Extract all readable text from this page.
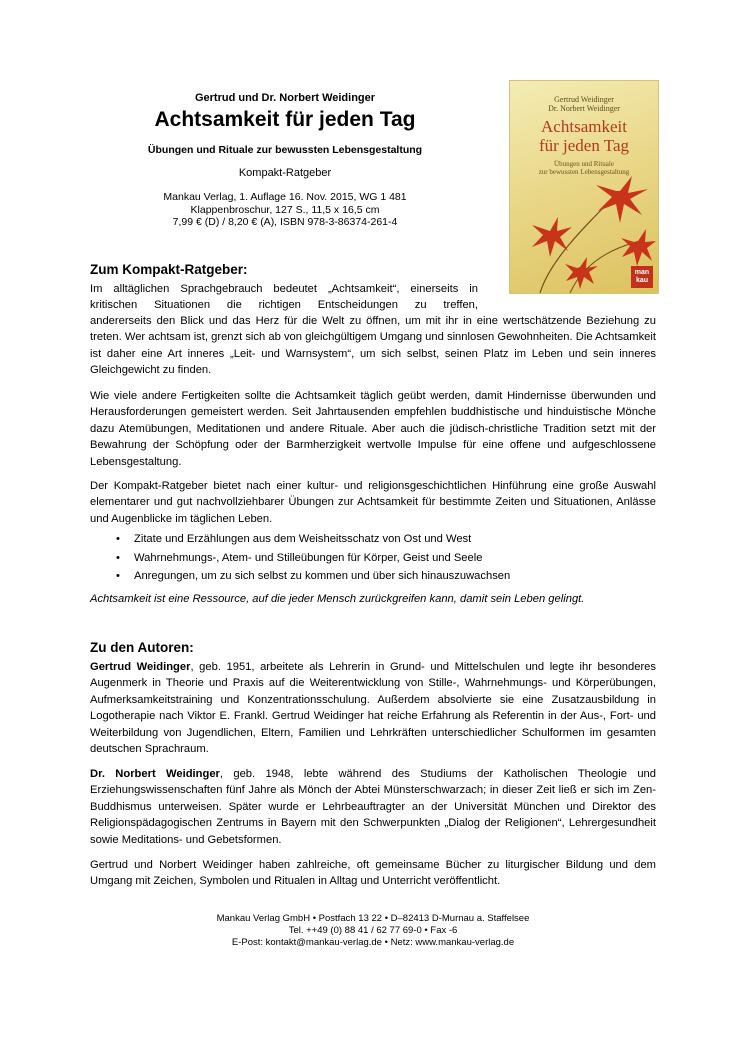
Gertrud und Dr. Norbert Weidinger
Achtsamkeit für jeden Tag
Übungen und Rituale zur bewussten Lebensgestaltung
Kompakt-Ratgeber
Mankau Verlag, 1. Auflage 16. Nov. 2015, WG 1 481
Klappenbroschur, 127 S., 11,5 x 16,5 cm
7,99 € (D) / 8,20 € (A), ISBN 978-3-86374-261-4
Gertrud Weidinger
Dr. Norbert Weidinger
Achtsamkeit
für jeden Tag
Übungen und Rituale
zur bewussten Lebensgestaltung
man
kau
Zum Kompakt-Ratgeber:
Im alltäglichen Sprachgebrauch bedeutet „Achtsamkeit“, einerseits in
kritischen Situationen die richtigen Entscheidungen zu treffen,
andererseits den Blick und das Herz für die Welt zu öffnen, um mit ihr in eine wertschätzende Beziehung zu treten. Wer achtsam ist, grenzt sich ab von gleichgültigem Umgang und sinnlosen Gewohnheiten. Die Achtsamkeit ist daher eine Art inneres „Leit- und Warnsystem“, um sich selbst, seinen Platz im Leben und sein inneres Gleichgewicht zu finden.
Wie viele andere Fertigkeiten sollte die Achtsamkeit täglich geübt werden, damit Hindernisse überwunden und Herausforderungen gemeistert werden. Seit Jahrtausenden empfehlen buddhistische und hinduistische Mönche dazu Atemübungen, Meditationen und andere Rituale. Aber auch die jüdisch-christliche Tradition setzt mit der Bewahrung der Schöpfung oder der Barmherzigkeit wertvolle Impulse für eine offene und aufgeschlossene Lebensgestaltung.
Der Kompakt-Ratgeber bietet nach einer kultur- und religionsgeschichtlichen Hinführung eine große Auswahl elementarer und gut nachvollziehbarer Übungen zur Achtsamkeit für bestimmte Zeiten und Situationen, Anlässe und Augenblicke im täglichen Leben.
• Zitate und Erzählungen aus dem Weisheitsschatz von Ost und West
• Wahrnehmungs-, Atem- und Stilleübungen für Körper, Geist und Seele
• Anregungen, um zu sich selbst zu kommen und über sich hinauszuwachsen
Achtsamkeit ist eine Ressource, auf die jeder Mensch zurückgreifen kann, damit sein Leben gelingt.
Zu den Autoren:
Gertrud Weidinger, geb. 1951, arbeitete als Lehrerin in Grund- und Mittelschulen und legte ihr besonderes Augenmerk in Theorie und Praxis auf die Weiterentwicklung von Stille-, Wahrnehmungs- und Körperübungen, Aufmerksamkeitstraining und Konzentrationsschulung. Außerdem absolvierte sie eine Zusatzausbildung in Logotherapie nach Viktor E. Frankl. Gertrud Weidinger hat reiche Erfahrung als Referentin in der Aus-, Fort- und Weiterbildung von Jugendlichen, Eltern, Familien und Lehrkräften unterschiedlicher Schulformen im gesamten deutschen Sprachraum.
Dr. Norbert Weidinger, geb. 1948, lebte während des Studiums der Katholischen Theologie und Erziehungswissenschaften fünf Jahre als Mönch der Abtei Münsterschwarzach; in dieser Zeit ließ er sich im Zen-Buddhismus unterweisen. Später wurde er Lehrbeauftragter an der Universität München und Direktor des Religionspädagogischen Zentrums in Bayern mit den Schwerpunkten „Dialog der Religionen“, Lehrergesundheit sowie Meditations- und Gebetsformen.
Gertrud und Norbert Weidinger haben zahlreiche, oft gemeinsame Bücher zu liturgischer Bildung und dem Umgang mit Zeichen, Symbolen und Ritualen in Alltag und Unterricht veröffentlicht.
Mankau Verlag GmbH • Postfach 13 22 • D–82413 D-Murnau a. Staffelsee
Tel. ++49 (0) 88 41 / 62 77 69-0 • Fax -6
E-Post: kontakt@mankau-verlag.de • Netz: www.mankau-verlag.de
